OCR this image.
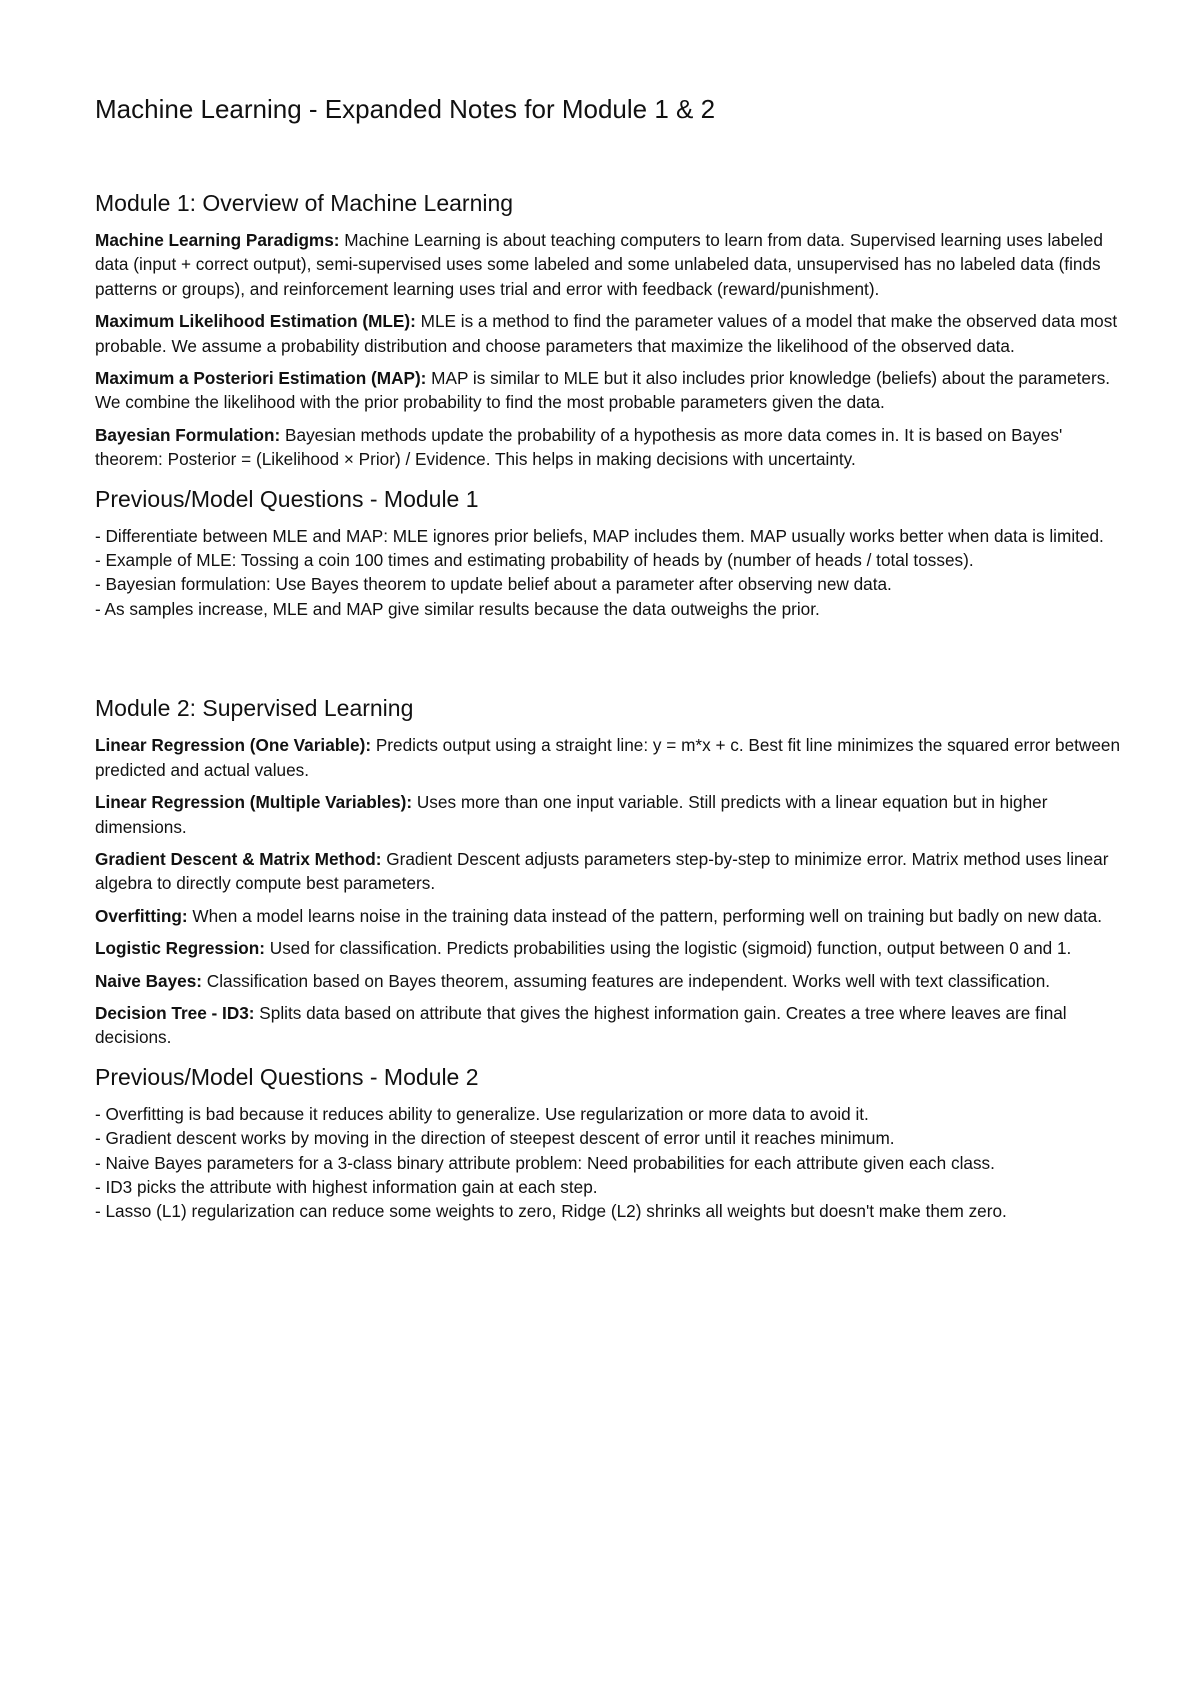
Machine Learning - Expanded Notes for Module 1 & 2
Module 1: Overview of Machine Learning

Machine Learning Paradigms: Machine Learning is about teaching computers to learn from data. Supervised learning uses labeled data (input + correct output), semi-supervised uses some labeled and some unlabeled data, unsupervised has no labeled data (finds patterns or groups), and reinforcement learning uses trial and error with feedback (reward/punishment).

Maximum Likelihood Estimation (MLE): MLE is a method to find the parameter values of a model that make the observed data most probable. We assume a probability distribution and choose parameters that maximize the likelihood of the observed data.

Maximum a Posteriori Estimation (MAP): MAP is similar to MLE but it also includes prior knowledge (beliefs) about the parameters. We combine the likelihood with the prior probability to find the most probable parameters given the data.

Bayesian Formulation: Bayesian methods update the probability of a hypothesis as more data comes in. It is based on Bayes' theorem: Posterior = (Likelihood × Prior) / Evidence. This helps in making decisions with uncertainty.

Previous/Model Questions - Module 1

- Differentiate between MLE and MAP: MLE ignores prior beliefs, MAP includes them. MAP usually works better when data is limited.

- Example of MLE: Tossing a coin 100 times and estimating probability of heads by (number of heads / total tosses).

- Bayesian formulation: Use Bayes theorem to update belief about a parameter after observing new data.

- As samples increase, MLE and MAP give similar results because the data outweighs the prior.

Module 2: Supervised Learning

Linear Regression (One Variable): Predicts output using a straight line: y = m*x + c. Best fit line minimizes the squared error between predicted and actual values.

Linear Regression (Multiple Variables): Uses more than one input variable. Still predicts with a linear equation but in higher dimensions.

Gradient Descent & Matrix Method: Gradient Descent adjusts parameters step-by-step to minimize error. Matrix method uses linear algebra to directly compute best parameters.

Overfitting: When a model learns noise in the training data instead of the pattern, performing well on training but badly on new data.

Logistic Regression: Used for classification. Predicts probabilities using the logistic (sigmoid) function, output between 0 and 1.

Naive Bayes: Classification based on Bayes theorem, assuming features are independent. Works well with text classification.

Decision Tree - ID3: Splits data based on attribute that gives the highest information gain. Creates a tree where leaves are final decisions.

Previous/Model Questions - Module 2

- Overfitting is bad because it reduces ability to generalize. Use regularization or more data to avoid it.

- Gradient descent works by moving in the direction of steepest descent of error until it reaches minimum.

- Naive Bayes parameters for a 3-class binary attribute problem: Need probabilities for each attribute given each class.

- ID3 picks the attribute with highest information gain at each step.

- Lasso (L1) regularization can reduce some weights to zero, Ridge (L2) shrinks all weights but doesn't make them zero.
